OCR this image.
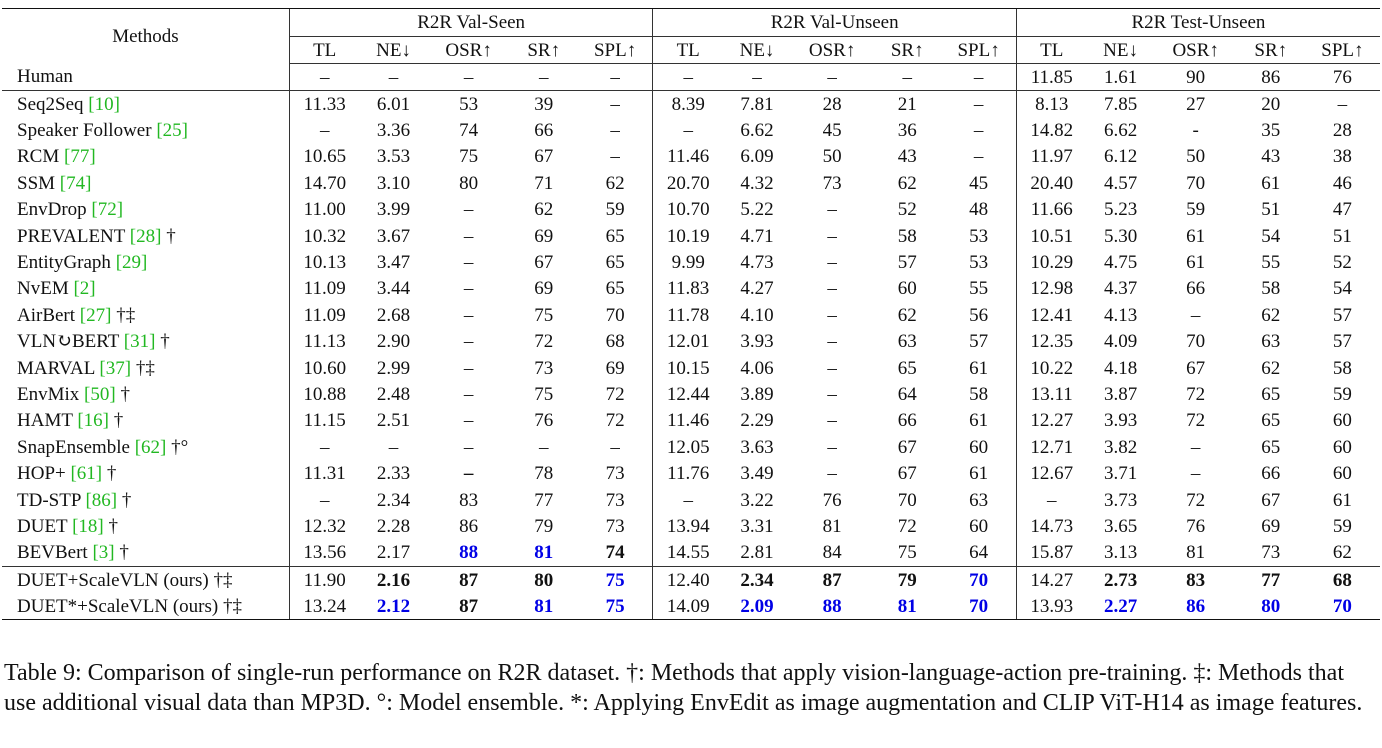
Methods	R2R Val-Seen					R2R Val-Unseen					R2R Test-Unseen				
	TL	NE↓	OSR↑	SR↑	SPL↑	TL	NE↓	OSR↑	SR↑	SPL↑	TL	NE↓	OSR↑	SR↑	SPL↑
Human	–	–	–	–	–	–	–	–	–	–	11.85	1.61	90	86	76
Seq2Seq [10]	11.33	6.01	53	39	–	8.39	7.81	28	21	–	8.13	7.85	27	20	–
Speaker Follower [25]	–	3.36	74	66	–	–	6.62	45	36	–	14.82	6.62	-	35	28
RCM [77]	10.65	3.53	75	67	–	11.46	6.09	50	43	–	11.97	6.12	50	43	38
SSM [74]	14.70	3.10	80	71	62	20.70	4.32	73	62	45	20.40	4.57	70	61	46
EnvDrop [72]	11.00	3.99	–	62	59	10.70	5.22	–	52	48	11.66	5.23	59	51	47
PREVALENT [28] †	10.32	3.67	–	69	65	10.19	4.71	–	58	53	10.51	5.30	61	54	51
EntityGraph [29]	10.13	3.47	–	67	65	9.99	4.73	–	57	53	10.29	4.75	61	55	52
NvEM [2]	11.09	3.44	–	69	65	11.83	4.27	–	60	55	12.98	4.37	66	58	54
AirBert [27] †‡	11.09	2.68	–	75	70	11.78	4.10	–	62	56	12.41	4.13	–	62	57
VLN↻BERT [31] †	11.13	2.90	–	72	68	12.01	3.93	–	63	57	12.35	4.09	70	63	57
MARVAL [37] †‡	10.60	2.99	–	73	69	10.15	4.06	–	65	61	10.22	4.18	67	62	58
EnvMix [50] †	10.88	2.48	–	75	72	12.44	3.89	–	64	58	13.11	3.87	72	65	59
HAMT [16] †	11.15	2.51	–	76	72	11.46	2.29	–	66	61	12.27	3.93	72	65	60
SnapEnsemble [62] †°	–	–	–	–	–	12.05	3.63	–	67	60	12.71	3.82	–	65	60
HOP+ [61] †	11.31	2.33	–	78	73	11.76	3.49	–	67	61	12.67	3.71	–	66	60
TD-STP [86] †	–	2.34	83	77	73	–	3.22	76	70	63	–	3.73	72	67	61
DUET [18] †	12.32	2.28	86	79	73	13.94	3.31	81	72	60	14.73	3.65	76	69	59
BEVBert [3] †	13.56	2.17	88	81	74	14.55	2.81	84	75	64	15.87	3.13	81	73	62
DUET+ScaleVLN (ours) †‡	11.90	2.16	87	80	75	12.40	2.34	87	79	70	14.27	2.73	83	77	68
DUET*+ScaleVLN (ours) †‡	13.24	2.12	87	81	75	14.09	2.09	88	81	70	13.93	2.27	86	80	70
Table 9: Comparison of single-run performance on R2R dataset. †: Methods that apply vision-language-action pre-training. ‡: Methods that use additional visual data than MP3D. °: Model ensemble. *: Applying EnvEdit as image augmentation and CLIP ViT-H14 as image features.
